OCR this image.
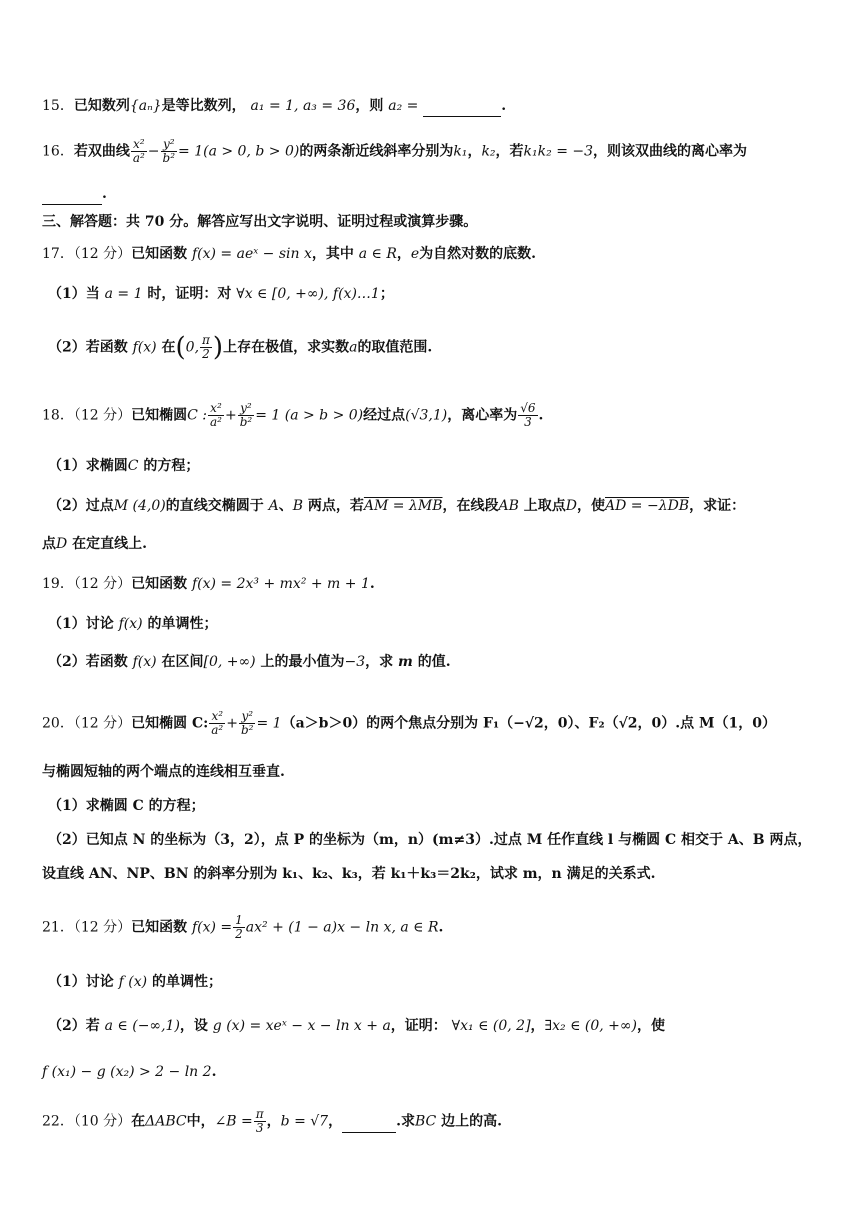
15．已知数列{aₙ}是等比数列， a₁ = 1, a₃ = 36，则 a₂ =	.
16．若双曲线 $\frac{\text{x²}}{\text{a²}} - \frac{\text{y²}}{\text{b²}} = 1(a > 0$, b > 0)的两条渐近线斜率分别为k₁，k₂，若k₁k₂ = −3，则该双曲线的离心率为
.
三、解答题：共 70 分。解答应写出文字说明、证明过程或演算步骤。
17．（12 分）已知函数 f(x) = aeˣ − sin x，其中 a ∈ R，e为自然对数的底数.
（1）当 a = 1 时，证明：对 ∀x ∈ [0, +∞), f(x)…1；
（2）若函数 f(x) 在(0, $\frac{\pi}{2}$ )上存在极值，求实数a的取值范围.
18．（12 分）已知椭圆C : $\frac{\text{x²}}{\text{a²}} + \frac{\text{y²}}{\text{b²}} = 1$ (a > b > 0)经过点(√3,1)，离心率为 $\frac{√6}{3}$ .
（1）求椭圆C 的方程；
（2）过点M (4,0)的直线交椭圆于 A、B 两点，若AM = λMB，在线段AB 上取点D，使AD = −λDB，求证：
点D 在定直线上.
19．（12 分）已知函数 f(x) = 2x³ + mx² + m + 1.
（1）讨论 f(x) 的单调性；
（2）若函数 f(x) 在区间[0, +∞) 上的最小值为−3，求 m 的值.
20．（12 分）已知椭圆 C: $\frac{\text{x²}}{\text{a²}} + \frac{\text{y²}}{\text{b²}} = 1(a>b>0)$的两个焦点分别为 F₁（−√2，0）、F₂（√2，0）.点 M（1，0）
与椭圆短轴的两个端点的连线相互垂直.
（1）求椭圆 C 的方程；
（2）已知点 N 的坐标为（3，2），点 P 的坐标为（m，n）(m≠3）.过点 M 任作直线 l 与椭圆 C 相交于 A、B 两点，
设直线 AN、NP、BN 的斜率分别为 k₁、k₂、k₃，若 k₁＋k₃＝2k₂，试求 m，n 满足的关系式.
21．（12 分）已知函数 $f(x) = \frac{1}{2} ax^2 + (1 - a)x - \ln x$, a ∈ R.
（1）讨论 f (x) 的单调性；
（2）若 a ∈ (−∞,1)，设 g (x) = xeˣ − x − ln x + a，证明： ∀x₁ ∈ (0, 2]，∃x₂ ∈ (0, +∞)，使
f (x₁) − g (x₂) > 2 − ln 2.
22．（10 分）在ΔABC中，∠B = $\frac{\pi}{3}$ ，b = √7，	.求BC 边上的高.
